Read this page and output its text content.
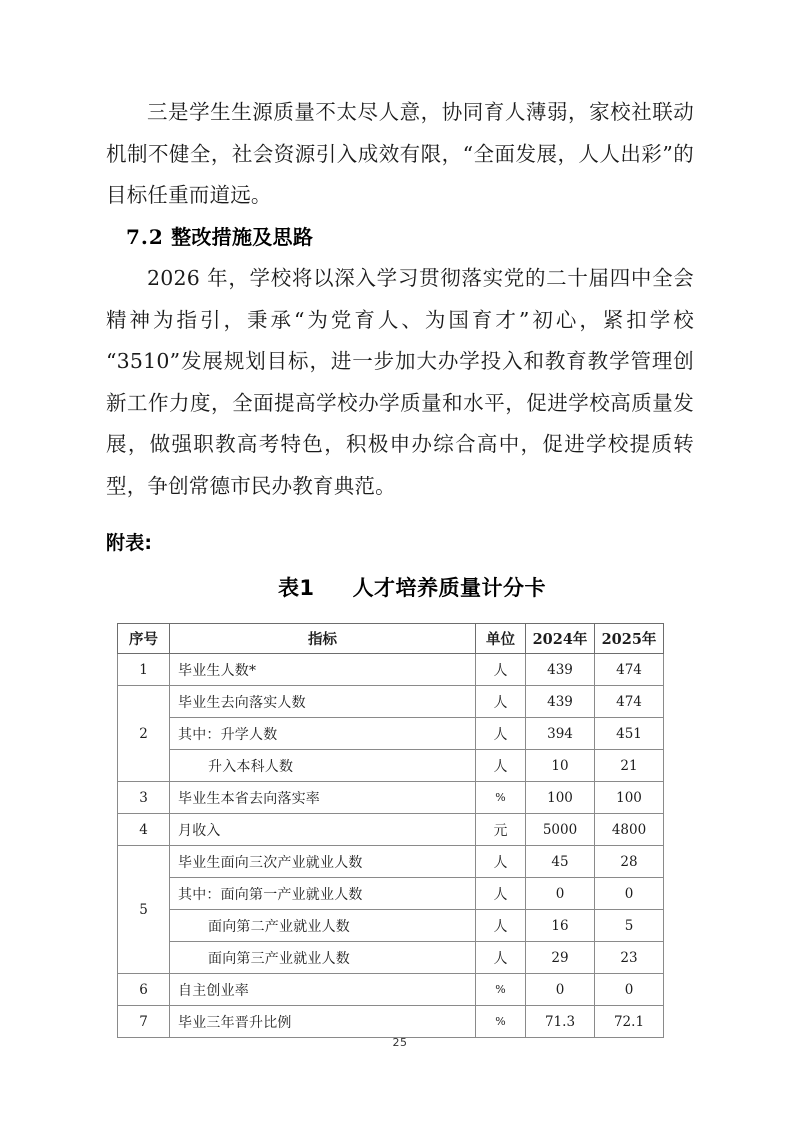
三是学生生源质量不太尽人意，协同育人薄弱，家校社联动机制不健全，社会资源引入成效有限，“全面发展，人人出彩”的目标任重而道远。

7.2 整改措施及思路

2026 年，学校将以深入学习贯彻落实党的二十届四中全会精神为指引，秉承“为党育人、为国育才”初心，紧扣学校“3510”发展规划目标，进一步加大办学投入和教育教学管理创新工作力度，全面提高学校办学质量和水平，促进学校高质量发展，做强职教高考特色，积极申办综合高中，促进学校提质转型，争创常德市民办教育典范。

附表:

表1 人才培养质量计分卡

序号	指标	单位	2024年	2025年
1	毕业生人数*	人	439	474
2	毕业生去向落实人数	人	439	474
	其中：升学人数	人	394	451
	升入本科人数	人	10	21
3	毕业生本省去向落实率	%	100	100
4	月收入	元	5000	4800
5	毕业生面向三次产业就业人数	人	45	28
	其中：面向第一产业就业人数	人	0	0
	面向第二产业就业人数	人	16	5
	面向第三产业就业人数	人	29	23
6	自主创业率	%	0	0
7	毕业三年晋升比例	%	71.3	72.1
25
